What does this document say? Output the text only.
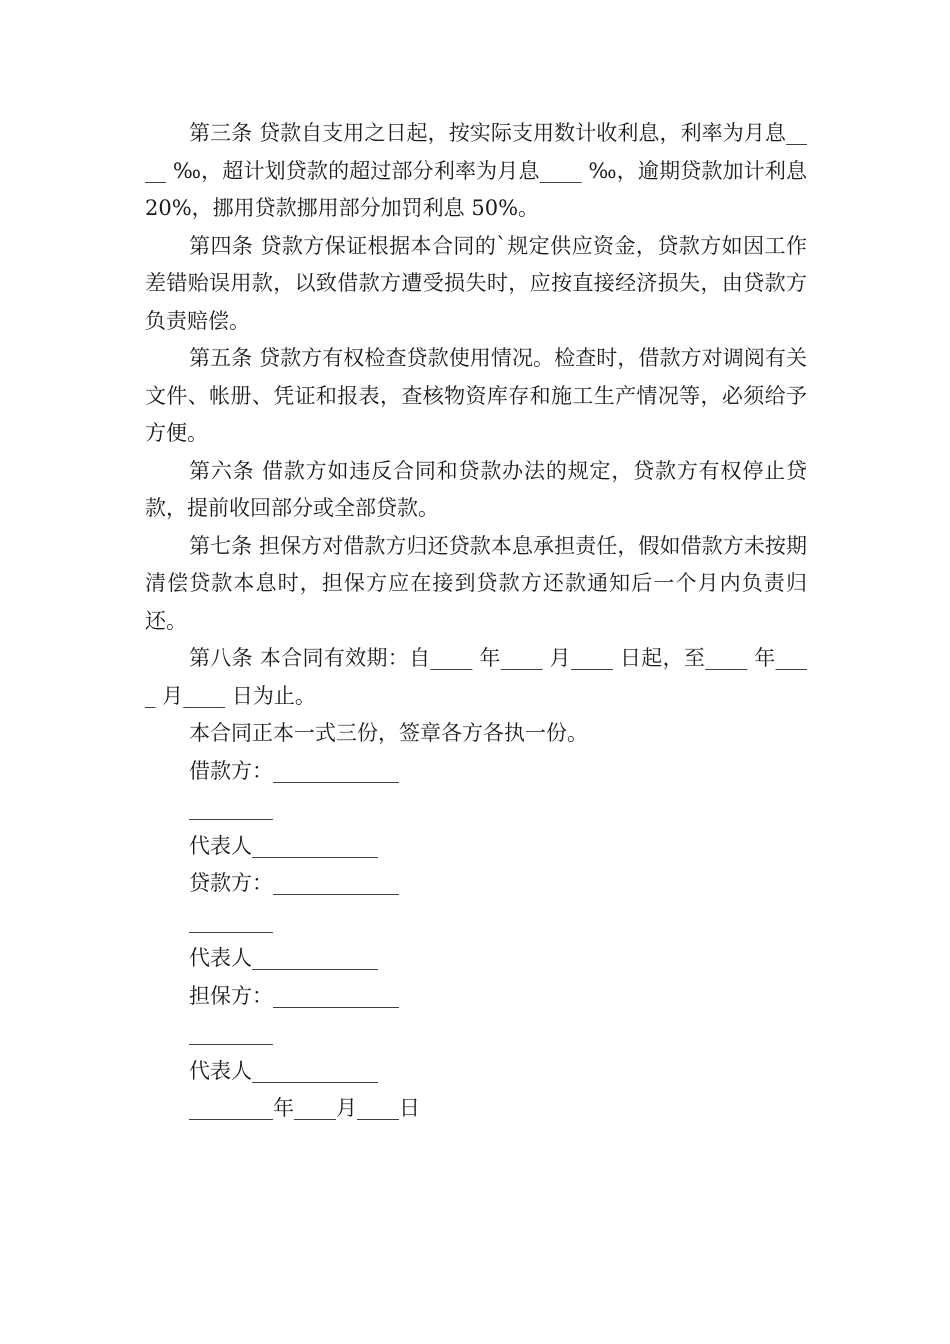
第三条 贷款自支用之日起，按实际支用数计收利息，利率为月息____ ‰，超计划贷款的超过部分利率为月息____ ‰，逾期贷款加计利息 20%，挪用贷款挪用部分加罚利息 50%。

第四条 贷款方保证根据本合同的`规定供应资金，贷款方如因工作差错贻误用款，以致借款方遭受损失时，应按直接经济损失，由贷款方负责赔偿。

第五条 贷款方有权检查贷款使用情况。检查时，借款方对调阅有关文件、帐册、凭证和报表，查核物资库存和施工生产情况等，必须给予方便。

第六条 借款方如违反合同和贷款办法的规定，贷款方有权停止贷款，提前收回部分或全部贷款。

第七条 担保方对借款方归还贷款本息承担责任，假如借款方未按期清偿贷款本息时，担保方应在接到贷款方还款通知后一个月内负责归还。

第八条 本合同有效期：自____ 年____ 月____ 日起，至____ 年____ 月____ 日为止。

本合同正本一式三份，签章各方各执一份。

借款方：____________

________

代表人____________

贷款方：____________

________

代表人____________

担保方：____________

________

代表人____________

________年____月____日
